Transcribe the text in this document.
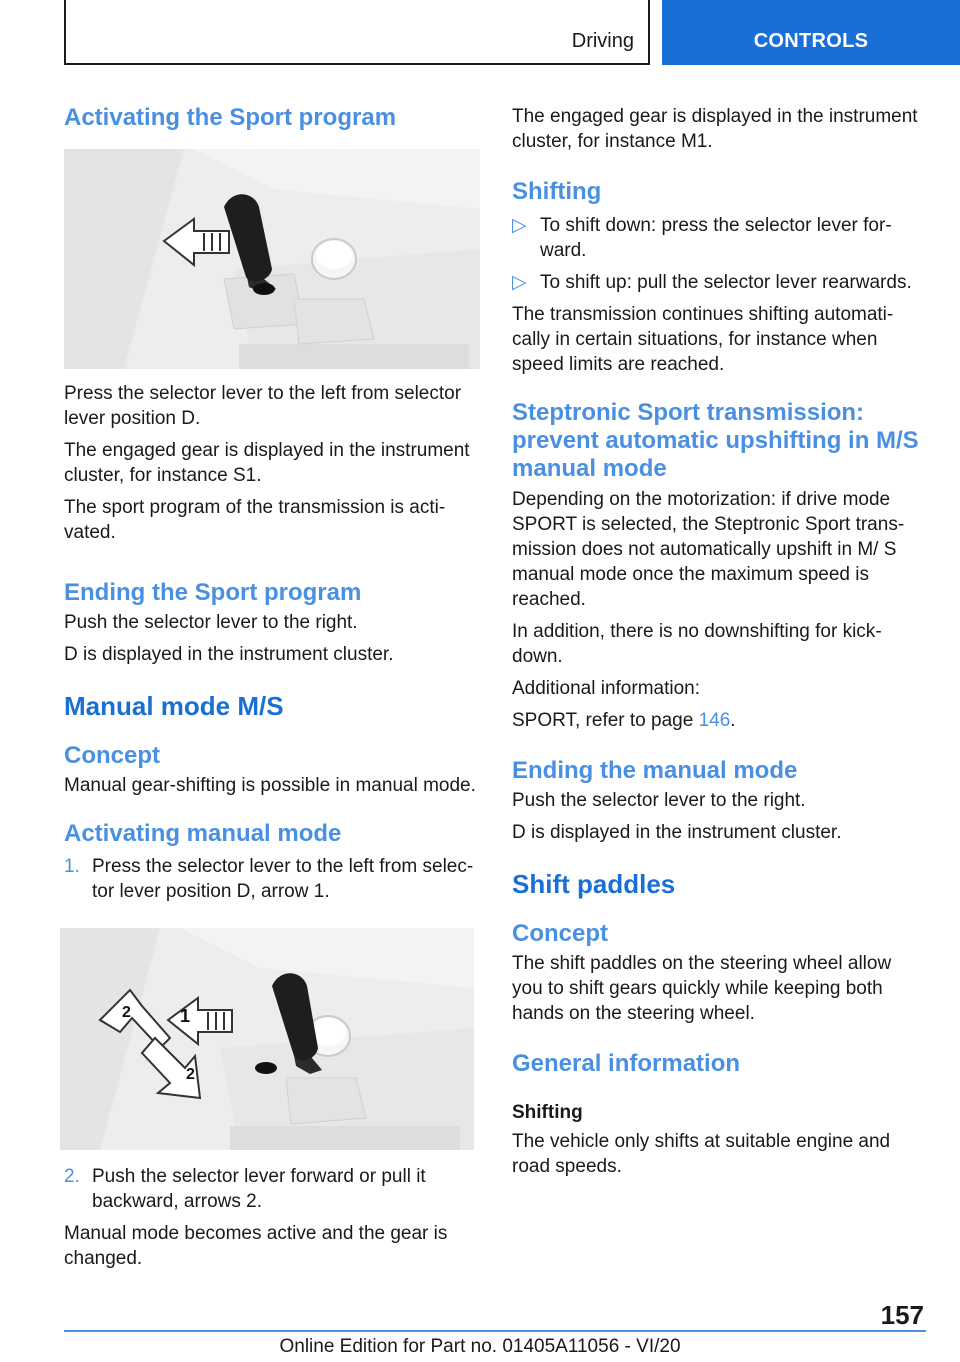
Driving	CONTROLS
Activating the Sport program

Press the selector lever to the left from selector lever position D.

The engaged gear is displayed in the instrument cluster, for instance S1.

The sport program of the transmission is activated.

Ending the Sport program

Push the selector lever to the right.

D is displayed in the instrument cluster.

Manual mode M/S
Concept

Manual gear-shifting is possible in manual mode.

Activating manual mode
1. Press the selector lever to the left from selector lever position D, arrow 1.
1
2
2
2. Push the selector lever forward or pull it backward, arrows 2.

Manual mode becomes active and the gear is changed.

The engaged gear is displayed in the instrument cluster, for instance M1.

Shifting
▷ To shift down: press the selector lever forward.
▷ To shift up: pull the selector lever rearwards.

The transmission continues shifting automatically in certain situations, for instance when speed limits are reached.

Steptronic Sport transmission: prevent automatic upshifting in M/S manual mode

Depending on the motorization: if drive mode SPORT is selected, the Steptronic Sport transmission does not automatically upshift in M/ S manual mode once the maximum speed is reached.

In addition, there is no downshifting for kickdown.

Additional information:

SPORT, refer to page 146.

Ending the manual mode

Push the selector lever to the right.

D is displayed in the instrument cluster.

Shift paddles
Concept

The shift paddles on the steering wheel allow you to shift gears quickly while keeping both hands on the steering wheel.

General information

Shifting

The vehicle only shifts at suitable engine and road speeds.

157
Online Edition for Part no. 01405A11056 - VI/20
